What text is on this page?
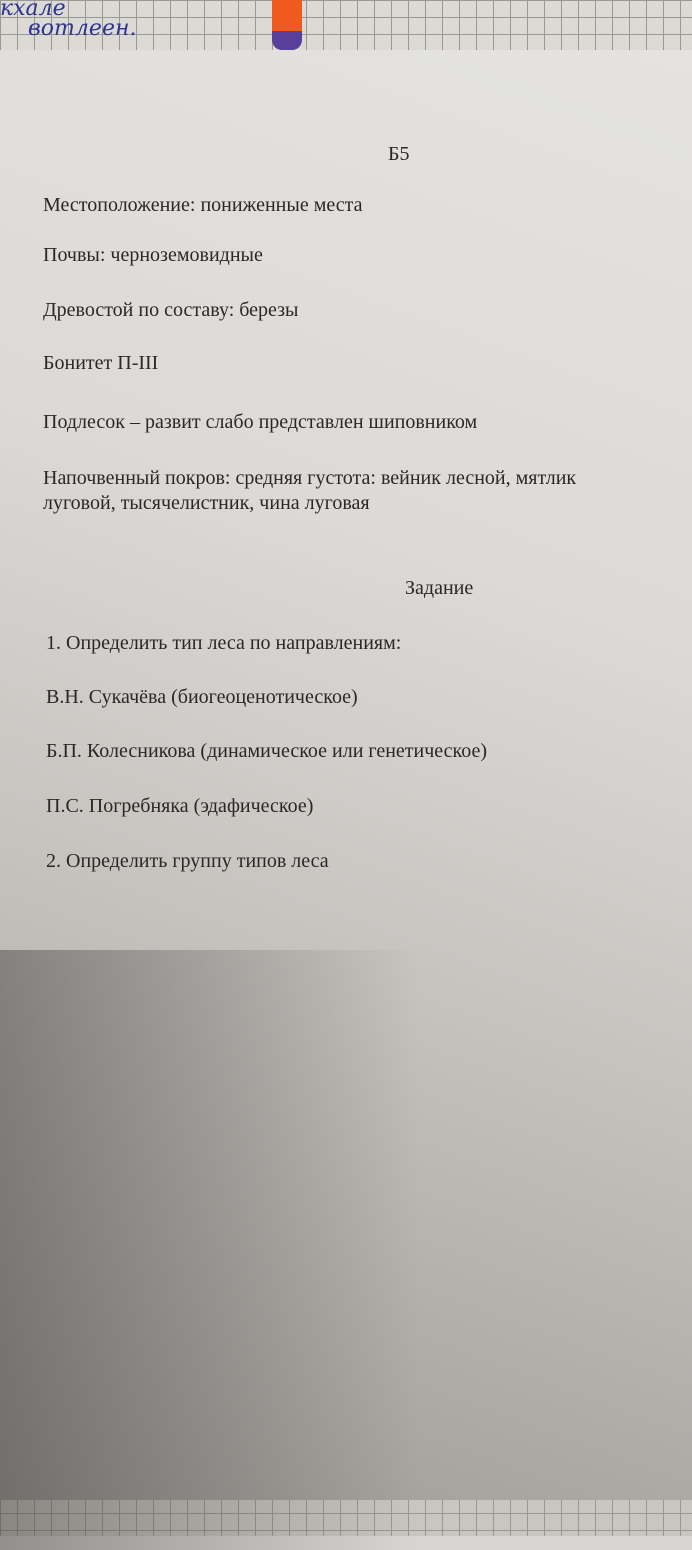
кхале
вотлеен.
Б5
Местоположение: пониженные места
Почвы: черноземовидные
Древостой по составу: березы
Бонитет П-III
Подлесок – развит слабо представлен шиповником
Напочвенный покров: средняя густота: вейник лесной, мятлик
луговой, тысячелистник, чина луговая
Задание
1. Определить тип леса по направлениям:
В.Н. Сукачёва (биогеоценотическое)
Б.П. Колесникова (динамическое или генетическое)
П.С. Погребняка (эдафическое)
2. Определить группу типов леса
